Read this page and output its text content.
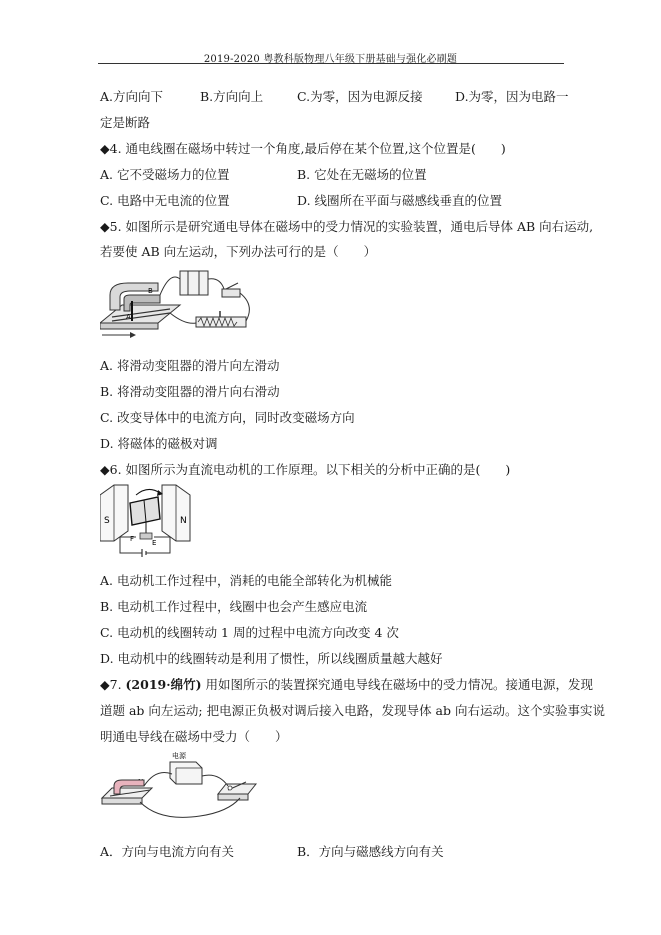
2019-2020 粤教科版物理八年级下册基础与强化必刷题
A.方向向下	B.方向向上	C.为零，因为电源反接	D.为零，因为电路一
定是断路
◆4. 通电线圈在磁场中转过一个角度,最后停在某个位置,这个位置是(　　)
A. 它不受磁场力的位置	B. 它处在无磁场的位置
C. 电路中无电流的位置	D. 线圈所在平面与磁感线垂直的位置
◆5. 如图所示是研究通电导体在磁场中的受力情况的实验装置，通电后导体 AB 向右运动,
若要使 AB 向左运动，下列办法可行的是（　　）
B
A
A. 将滑动变阻器的滑片向左滑动
B. 将滑动变阻器的滑片向右滑动
C. 改变导体中的电流方向，同时改变磁场方向
D. 将磁体的磁极对调
◆6. 如图所示为直流电动机的工作原理。以下相关的分析中正确的是(　　)
S	N
F	E
A. 电动机工作过程中，消耗的电能全部转化为机械能
B. 电动机工作过程中，线圈中也会产生感应电流
C. 电动机的线圈转动 1 周的过程中电流方向改变 4 次
D. 电动机中的线圈转动是利用了惯性，所以线圈质量越大越好
◆7. (2019·绵竹) 用如图所示的装置探究通电导线在磁场中的受力情况。接通电源，发现
道题 ab 向左运动; 把电源正负极对调后接入电路，发现导体 ab 向右运动。这个实验事实说
明通电导线在磁场中受力（　　）
电源
A．方向与电流方向有关	B．方向与磁感线方向有关
